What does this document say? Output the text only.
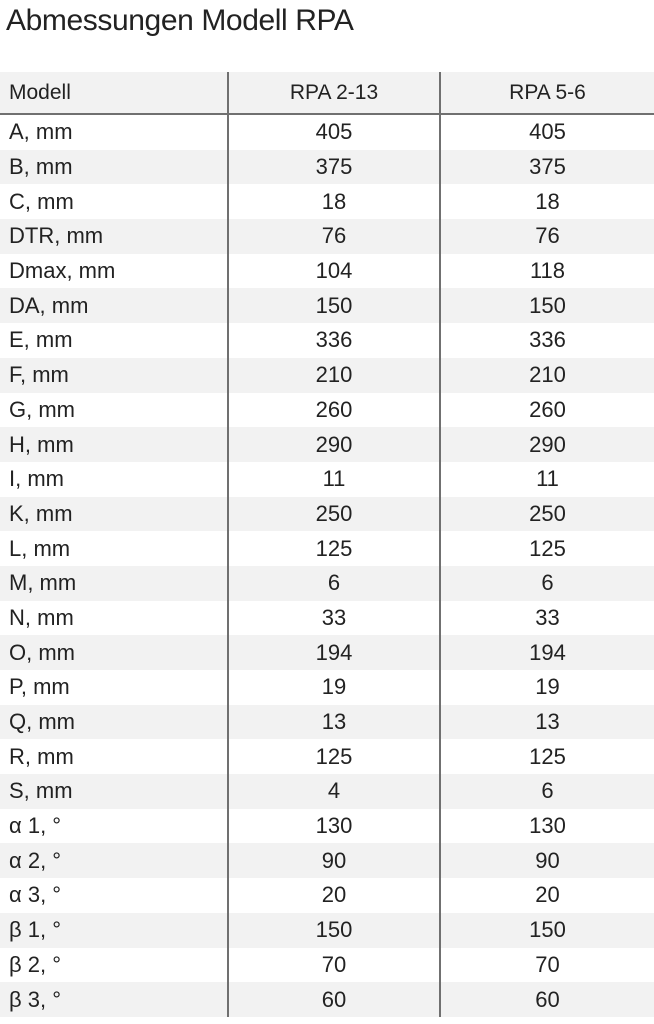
Abmessungen Modell RPA
Modell	RPA 2-13	RPA 5-6
A, mm	405	405
B, mm	375	375
C, mm	18	18
DTR, mm	76	76
Dmax, mm	104	118
DA, mm	150	150
E, mm	336	336
F, mm	210	210
G, mm	260	260
H, mm	290	290
I, mm	11	11
K, mm	250	250
L, mm	125	125
M, mm	6	6
N, mm	33	33
O, mm	194	194
P, mm	19	19
Q, mm	13	13
R, mm	125	125
S, mm	4	6
α 1, °	130	130
α 2, °	90	90
α 3, °	20	20
β 1, °	150	150
β 2, °	70	70
β 3, °	60	60
